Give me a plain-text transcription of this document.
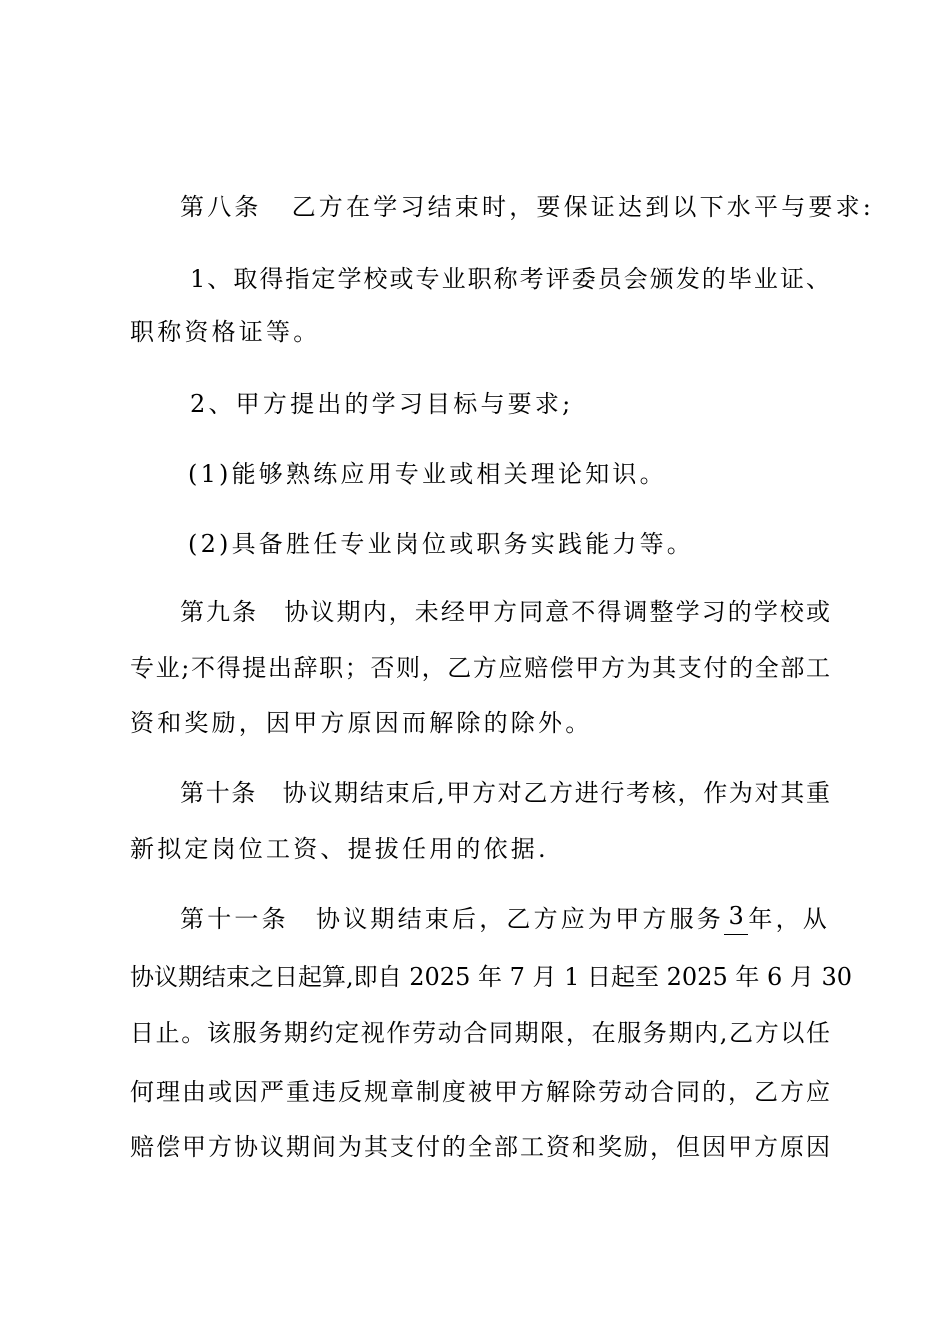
第八条 乙方在学习结束时，要保证达到以下水平与要求:
1、取得指定学校或专业职称考评委员会颁发的毕业证、
职称资格证等。
2、甲方提出的学习目标与要求;
(1)能够熟练应用专业或相关理论知识。
(2)具备胜任专业岗位或职务实践能力等。
第九条　协议期内，未经甲方同意不得调整学习的学校或
专业;不得提出辞职；否则，乙方应赔偿甲方为其支付的全部工
资和奖励，因甲方原因而解除的除外。
第十条　协议期结束后,甲方对乙方进行考核，作为对其重
新拟定岗位工资、提拔任用的依据.
第十一条　协议期结束后，乙方应为甲方服务 3 年，从
协议期结束之日起算,即自 2025 年 7 月 1 日起至 2025 年 6 月 30
日止。该服务期约定视作劳动合同期限，在服务期内,乙方以任
何理由或因严重违反规章制度被甲方解除劳动合同的，乙方应
赔偿甲方协议期间为其支付的全部工资和奖励，但因甲方原因
